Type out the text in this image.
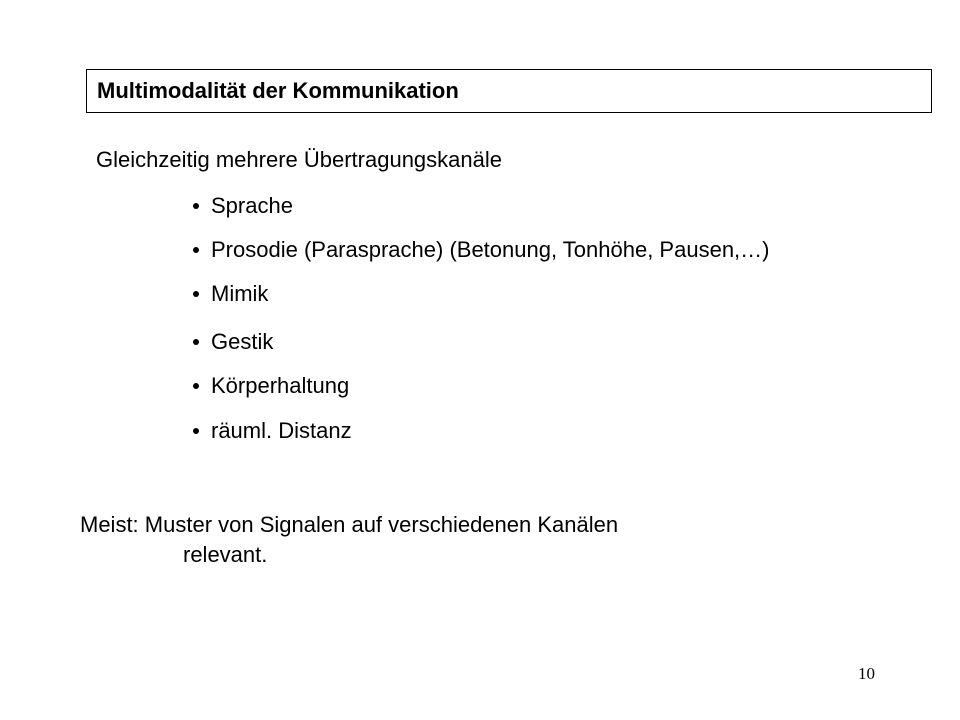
Multimodalität der Kommunikation
Gleichzeitig mehrere Übertragungskanäle
Sprache
Prosodie (Parasprache) (Betonung, Tonhöhe, Pausen,…)
Mimik
Gestik
Körperhaltung
räuml. Distanz
Meist: Muster von Signalen auf verschiedenen Kanälen
relevant.
10
